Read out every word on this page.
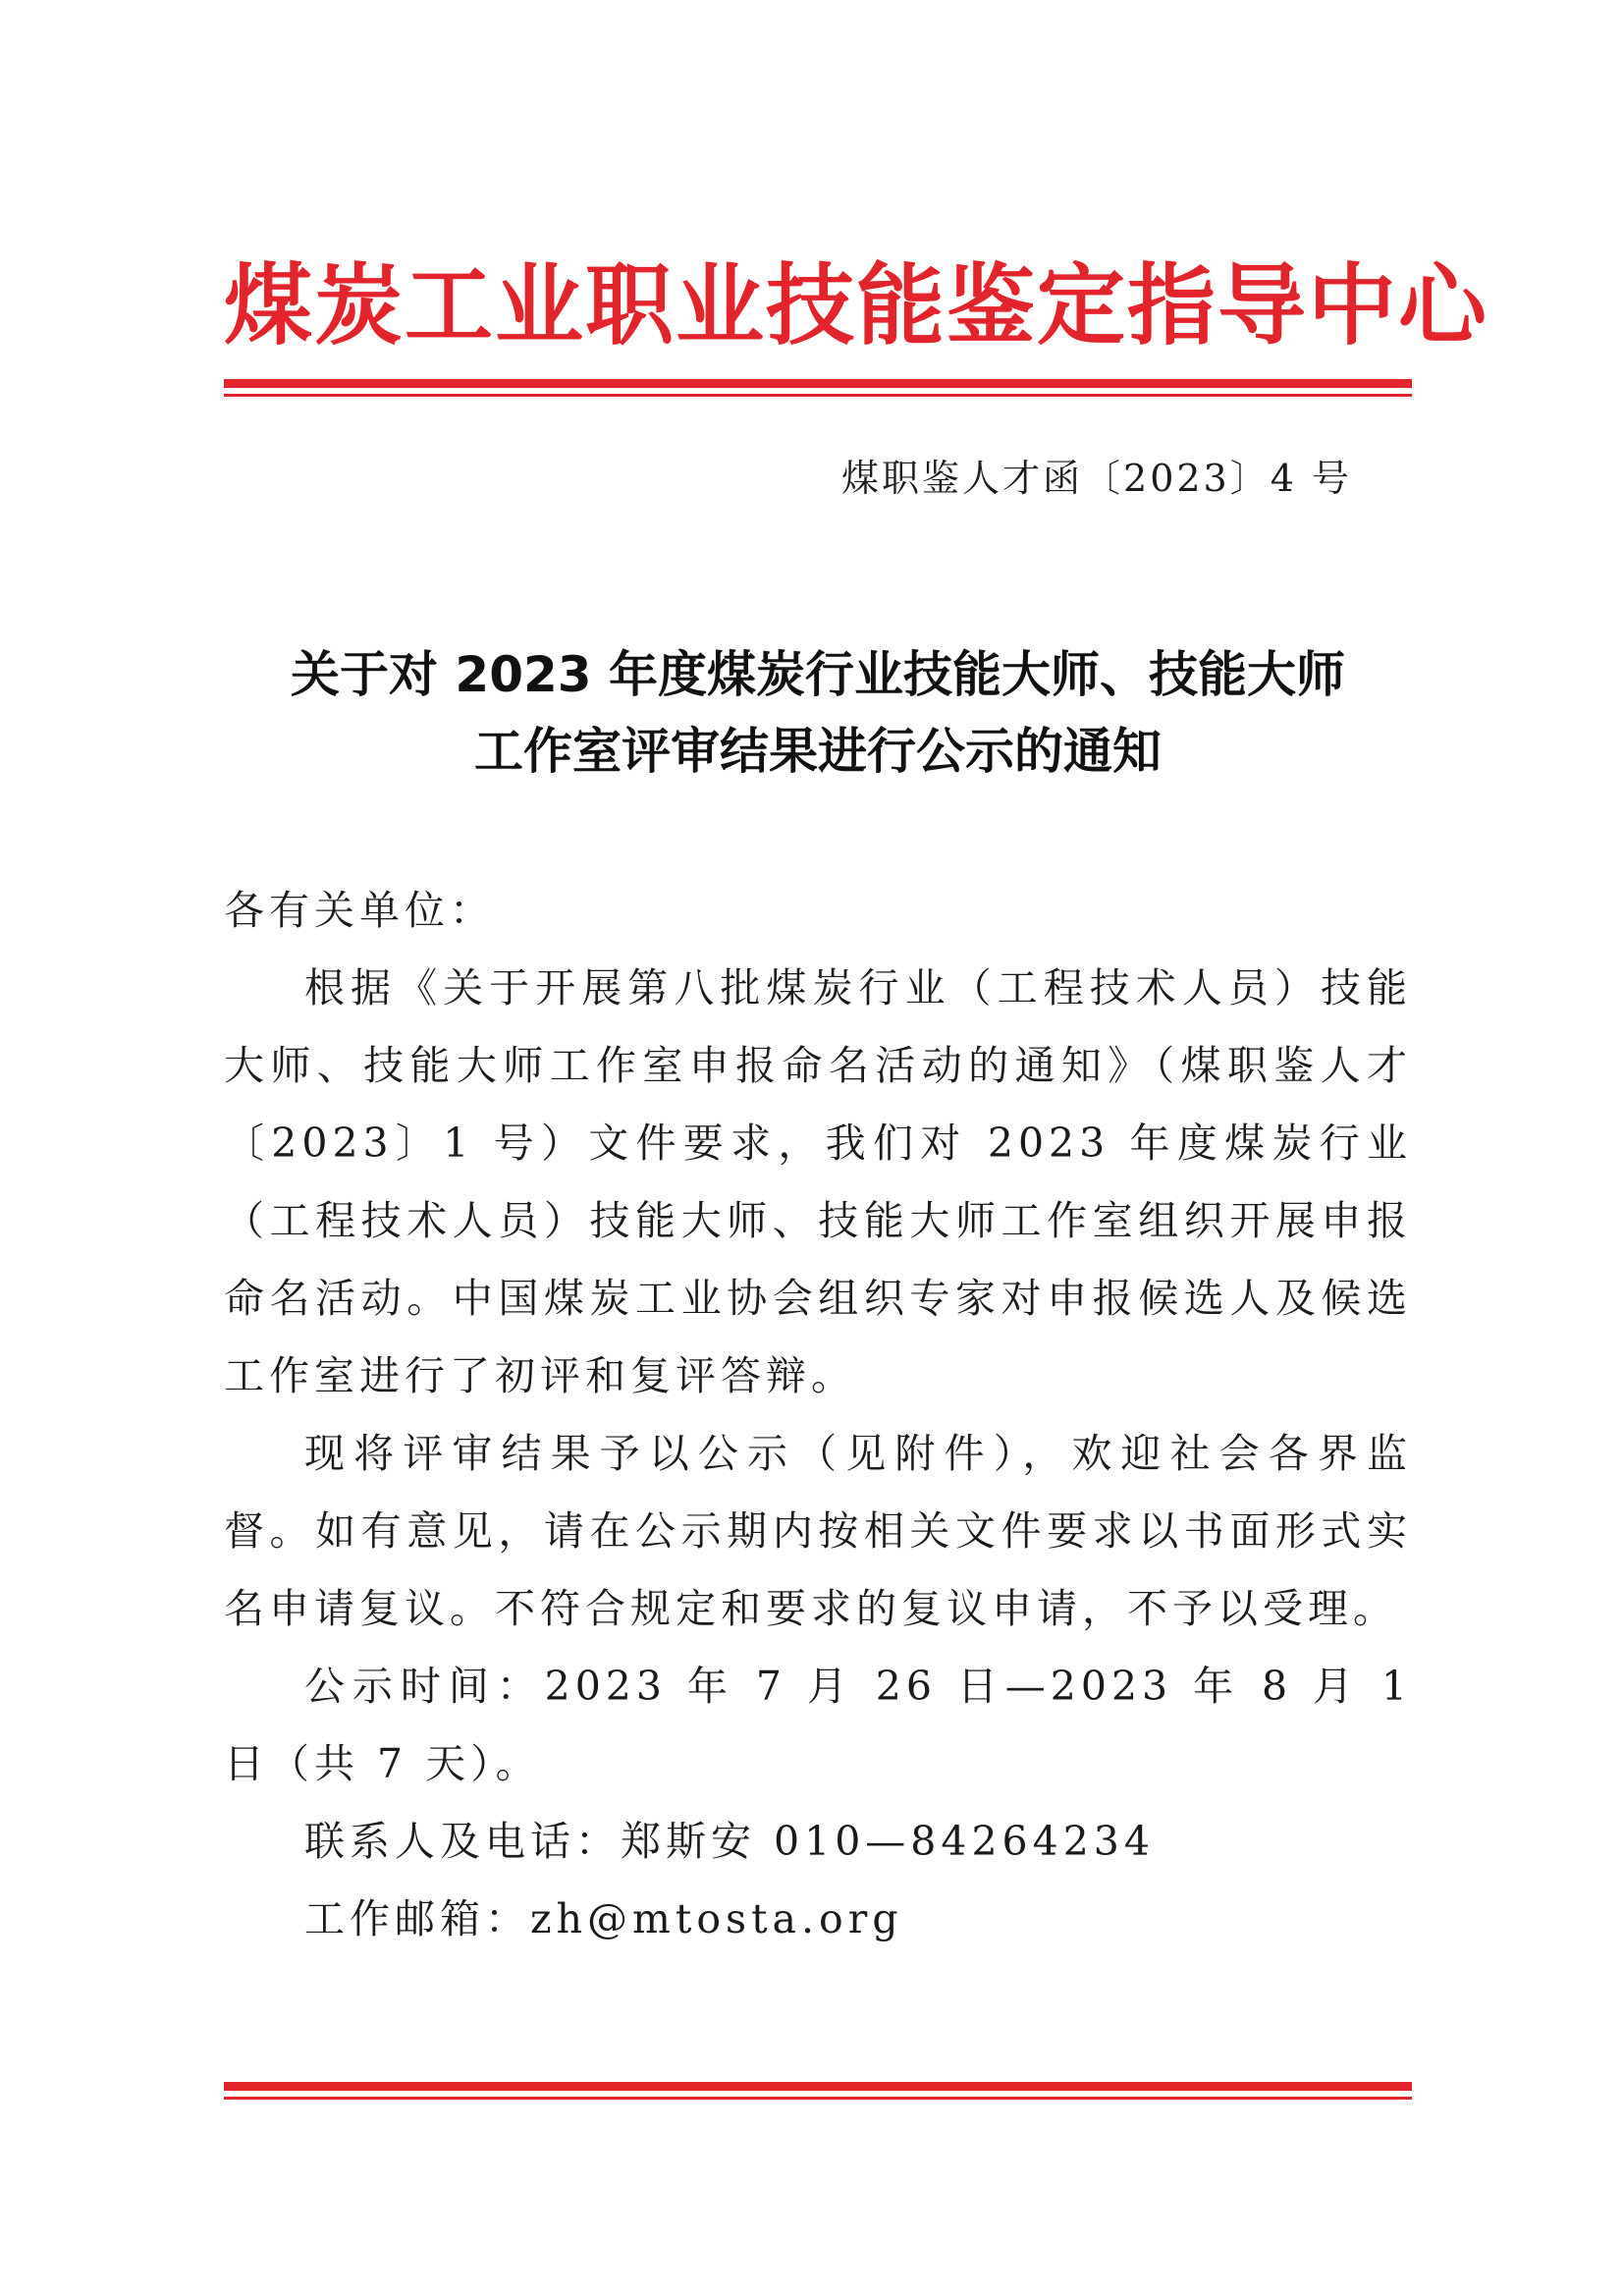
煤炭工业职业技能鉴定指导中心
煤职鉴人才函〔2023〕4 号
关于对 2023 年度煤炭行业技能大师、技能大师
工作室评审结果进行公示的通知

各有关单位：

根据《关于开展第八批煤炭行业（工程技术人员）技能大师、技能大师工作室申报命名活动的通知》（煤职鉴人才〔2023〕1 号）文件要求，我们对 2023 年度煤炭行业（工程技术人员）技能大师、技能大师工作室组织开展申报命名活动。中国煤炭工业协会组织专家对申报候选人及候选工作室进行了初评和复评答辩。

现将评审结果予以公示（见附件），欢迎社会各界监督。如有意见，请在公示期内按相关文件要求以书面形式实名申请复议。不符合规定和要求的复议申请，不予以受理。

公示时间：2023 年 7 月 26 日—2023 年 8 月 1 日（共 7 天）。

联系人及电话：郑斯安 010—84264234

工作邮箱：zh@mtosta.org
